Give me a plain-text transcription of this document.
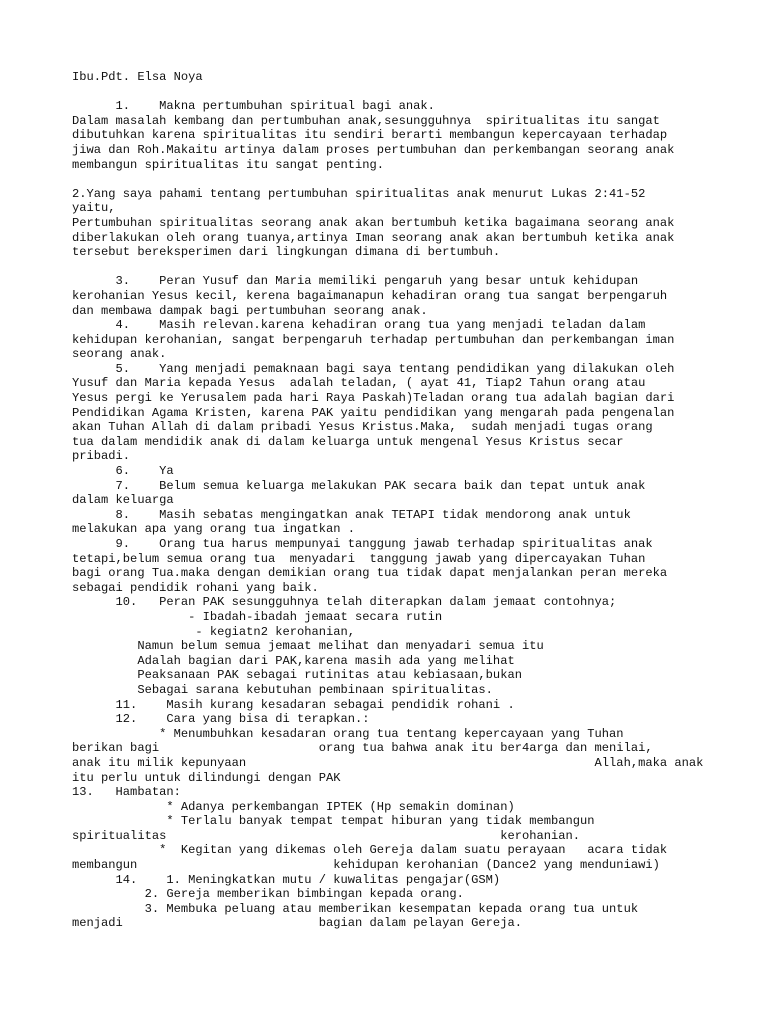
Ibu.Pdt. Elsa Noya
1.    Makna pertumbuhan spiritual bagi anak.
Dalam masalah kembang dan pertumbuhan anak,sesungguhnya  spiritualitas itu sangat
dibutuhkan karena spiritualitas itu sendiri berarti membangun kepercayaan terhadap
jiwa dan Roh.Makaitu artinya dalam proses pertumbuhan dan perkembangan seorang anak
membangun spiritualitas itu sangat penting.
2.Yang saya pahami tentang pertumbuhan spiritualitas anak menurut Lukas 2:41-52
yaitu,
Pertumbuhan spiritualitas seorang anak akan bertumbuh ketika bagaimana seorang anak
diberlakukan oleh orang tuanya,artinya Iman seorang anak akan bertumbuh ketika anak
tersebut bereksperimen dari lingkungan dimana di bertumbuh.
3.    Peran Yusuf dan Maria memiliki pengaruh yang besar untuk kehidupan
kerohanian Yesus kecil, kerena bagaimanapun kehadiran orang tua sangat berpengaruh
dan membawa dampak bagi pertumbuhan seorang anak.
4.    Masih relevan.karena kehadiran orang tua yang menjadi teladan dalam
kehidupan kerohanian, sangat berpengaruh terhadap pertumbuhan dan perkembangan iman
seorang anak.
5.    Yang menjadi pemaknaan bagi saya tentang pendidikan yang dilakukan oleh
Yusuf dan Maria kepada Yesus  adalah teladan, ( ayat 41, Tiap2 Tahun orang atau
Yesus pergi ke Yerusalem pada hari Raya Paskah)Teladan orang tua adalah bagian dari
Pendidikan Agama Kristen, karena PAK yaitu pendidikan yang mengarah pada pengenalan
akan Tuhan Allah di dalam pribadi Yesus Kristus.Maka,  sudah menjadi tugas orang
tua dalam mendidik anak di dalam keluarga untuk mengenal Yesus Kristus secar
pribadi.
6.    Ya
7.    Belum semua keluarga melakukan PAK secara baik dan tepat untuk anak
dalam keluarga
8.    Masih sebatas mengingatkan anak TETAPI tidak mendorong anak untuk
melakukan apa yang orang tua ingatkan .
9.    Orang tua harus mempunyai tanggung jawab terhadap spiritualitas anak
tetapi,belum semua orang tua  menyadari  tanggung jawab yang dipercayakan Tuhan
bagi orang Tua.maka dengan demikian orang tua tidak dapat menjalankan peran mereka
sebagai pendidik rohani yang baik.
10.   Peran PAK sesungguhnya telah diterapkan dalam jemaat contohnya;
- Ibadah-ibadah jemaat secara rutin
- kegiatn2 kerohanian,
Namun belum semua jemaat melihat dan menyadari semua itu
Adalah bagian dari PAK,karena masih ada yang melihat
Peaksanaan PAK sebagai rutinitas atau kebiasaan,bukan
Sebagai sarana kebutuhan pembinaan spiritualitas.
11.    Masih kurang kesadaran sebagai pendidik rohani .
12.    Cara yang bisa di terapkan.:
* Menumbuhkan kesadaran orang tua tentang kepercayaan yang Tuhan
berikan bagi                      orang tua bahwa anak itu ber4arga dan menilai,
anak itu milik kepunyaan                                                Allah,maka anak
itu perlu untuk dilindungi dengan PAK
13.   Hambatan:
* Adanya perkembangan IPTEK (Hp semakin dominan)
* Terlalu banyak tempat tempat hiburan yang tidak membangun
spiritualitas                                              kerohanian.
*  Kegitan yang dikemas oleh Gereja dalam suatu perayaan   acara tidak
membangun                           kehidupan kerohanian (Dance2 yang menduniawi)
14.    1. Meningkatkan mutu / kuwalitas pengajar(GSM)
2. Gereja memberikan bimbingan kepada orang.
3. Membuka peluang atau memberikan kesempatan kepada orang tua untuk
menjadi                           bagian dalam pelayan Gereja.
